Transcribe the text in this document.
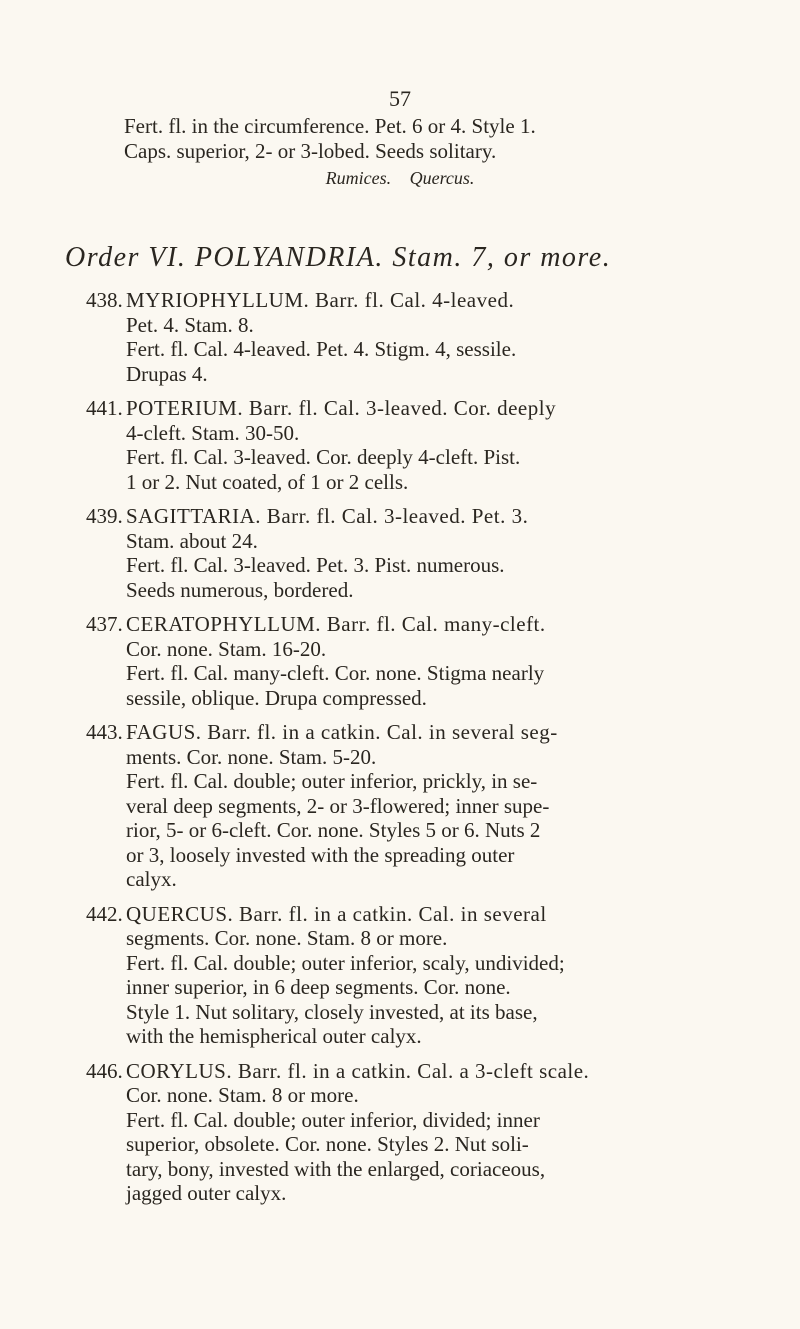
57
Fert. fl. in the circumference. Pet. 6 or 4. Style 1.
Caps. superior, 2- or 3-lobed. Seeds solitary.
Rumices. Quercus.
Order VI. POLYANDRIA. Stam. 7, or more.
438. MYRIOPHYLLUM. Barr. fl. Cal. 4-leaved.
Pet. 4. Stam. 8.
Fert. fl. Cal. 4-leaved. Pet. 4. Stigm. 4, sessile.
Drupas 4.
441. POTERIUM. Barr. fl. Cal. 3-leaved. Cor. deeply
4-cleft. Stam. 30-50.
Fert. fl. Cal. 3-leaved. Cor. deeply 4-cleft. Pist.
1 or 2. Nut coated, of 1 or 2 cells.
439. SAGITTARIA. Barr. fl. Cal. 3-leaved. Pet. 3.
Stam. about 24.
Fert. fl. Cal. 3-leaved. Pet. 3. Pist. numerous.
Seeds numerous, bordered.
437. CERATOPHYLLUM. Barr. fl. Cal. many-cleft.
Cor. none. Stam. 16-20.
Fert. fl. Cal. many-cleft. Cor. none. Stigma nearly
sessile, oblique. Drupa compressed.
443. FAGUS. Barr. fl. in a catkin. Cal. in several seg-
ments. Cor. none. Stam. 5-20.
Fert. fl. Cal. double; outer inferior, prickly, in se-
veral deep segments, 2- or 3-flowered; inner supe-
rior, 5- or 6-cleft. Cor. none. Styles 5 or 6. Nuts 2
or 3, loosely invested with the spreading outer
calyx.
442. QUERCUS. Barr. fl. in a catkin. Cal. in several
segments. Cor. none. Stam. 8 or more.
Fert. fl. Cal. double; outer inferior, scaly, undivided;
inner superior, in 6 deep segments. Cor. none.
Style 1. Nut solitary, closely invested, at its base,
with the hemispherical outer calyx.
446. CORYLUS. Barr. fl. in a catkin. Cal. a 3-cleft scale.
Cor. none. Stam. 8 or more.
Fert. fl. Cal. double; outer inferior, divided; inner
superior, obsolete. Cor. none. Styles 2. Nut soli-
tary, bony, invested with the enlarged, coriaceous,
jagged outer calyx.
